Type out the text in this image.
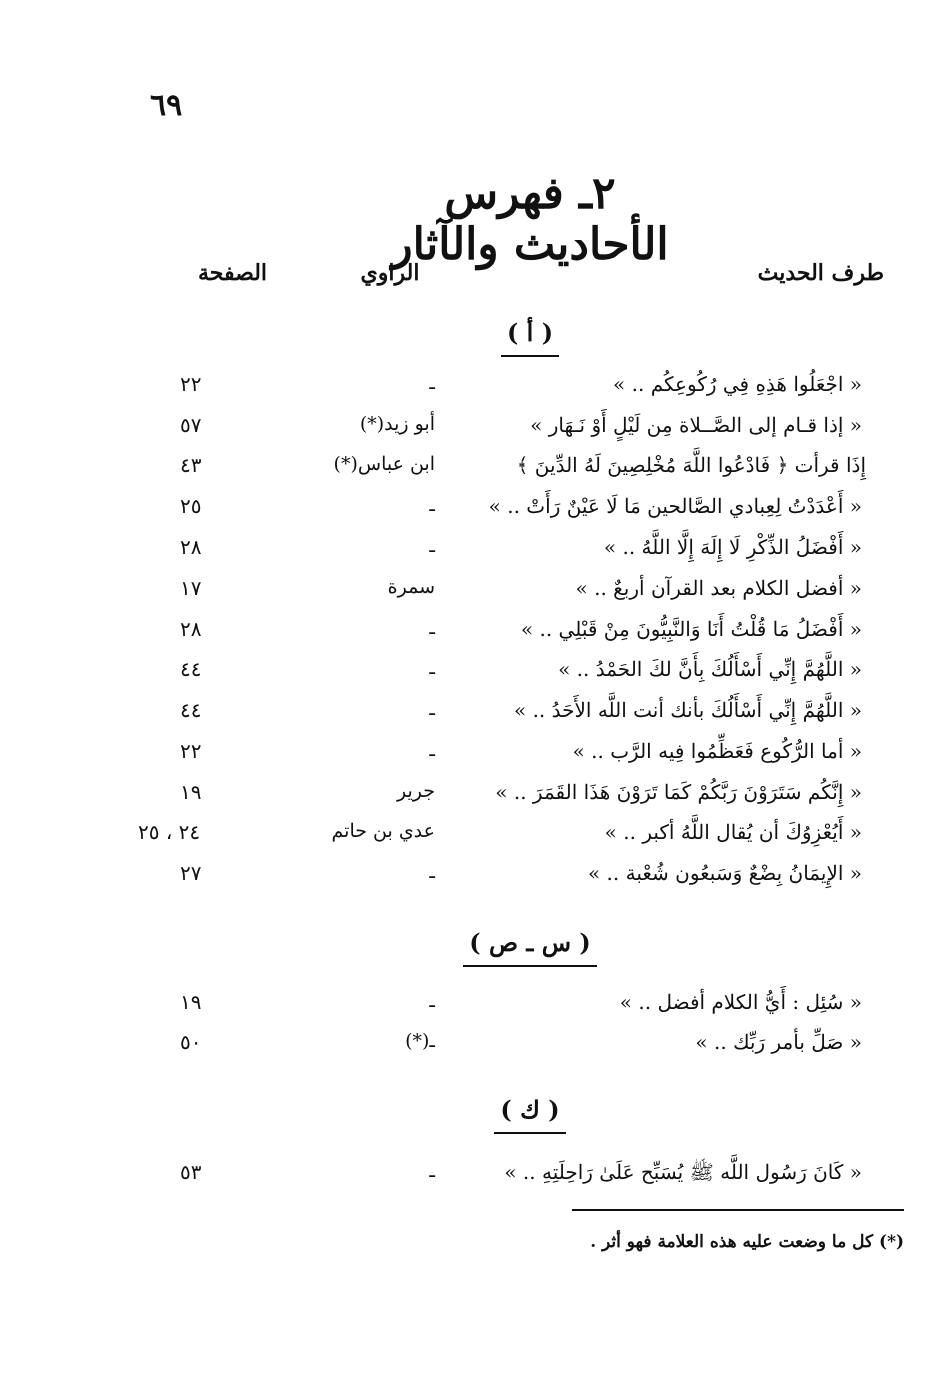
٦٩
٢ـ فهرس الأحاديث والآثار
طرف الحديث
الراوي
الصفحة
( أ )
« اجْعَلُوا هَذِهِ فِي رُكُوعِكُم .. »
ـ
٢٢
« إذا قـام إلى الصَّــلاة مِن لَيْلٍ أَوْ نَـهَار »
أبو زيد(*)
٥٧
إِذَا قرأت ﴿ فَادْعُوا اللَّهَ مُخْلِصِينَ لَهُ الدِّينَ ﴾
ابن عباس(*)
٤٣
« أَعْدَدْتُ لِعِبادي الصَّالحين مَا لَا عَيْنٌ رَأَتْ .. »
ـ
٢٥
« أَفْضَلُ الذِّكْرِ لَا إِلَهَ إِلَّا اللَّهُ .. »
ـ
٢٨
« أفضل الكلام بعد القرآن أربعٌ .. »
سمرة
١٧
« أَفْضَلُ مَا قُلْتُ أَنَا وَالنَّبِيُّونَ مِنْ قَبْلِي .. »
ـ
٢٨
« اللَّهُمَّ إِنِّي أَسْأَلُكَ بِأَنَّ لكَ الحَمْدُ .. »
ـ
٤٤
« اللَّهُمَّ إِنِّي أَسْأَلُكَ بأنك أنت اللَّه الأَحَدُ .. »
ـ
٤٤
« أما الرُّكُوع فَعَظِّمُوا فِيه الرَّب .. »
ـ
٢٢
« إِنَّكُم سَتَرَوْنَ رَبَّكُمْ كَمَا تَرَوْنَ هَذَا القَمَرَ .. »
جرير
١٩
« أَيُعْزِوُكَ أن يُقال اللَّهُ أكبر .. »
عدي بن حاتم
٢٤ ، ٢٥
« الإِيمَانُ بِضْعٌ وَسَبعُون شُعْبة .. »
ـ
٢٧
( س ـ ص )
« سُئِل : أَيُّ الكلام أفضل .. »
ـ
١٩
« صَلِّ بأمر رَبِّك .. »
ـ(*)
٥٠
( ك )
« كَانَ رَسُول اللَّه ﷺ يُسَبِّح عَلَىٰ رَاحِلَتِهِ .. »
ـ
٥٣
(*) كل ما وضعت عليه هذه العلامة فهو أثر .
